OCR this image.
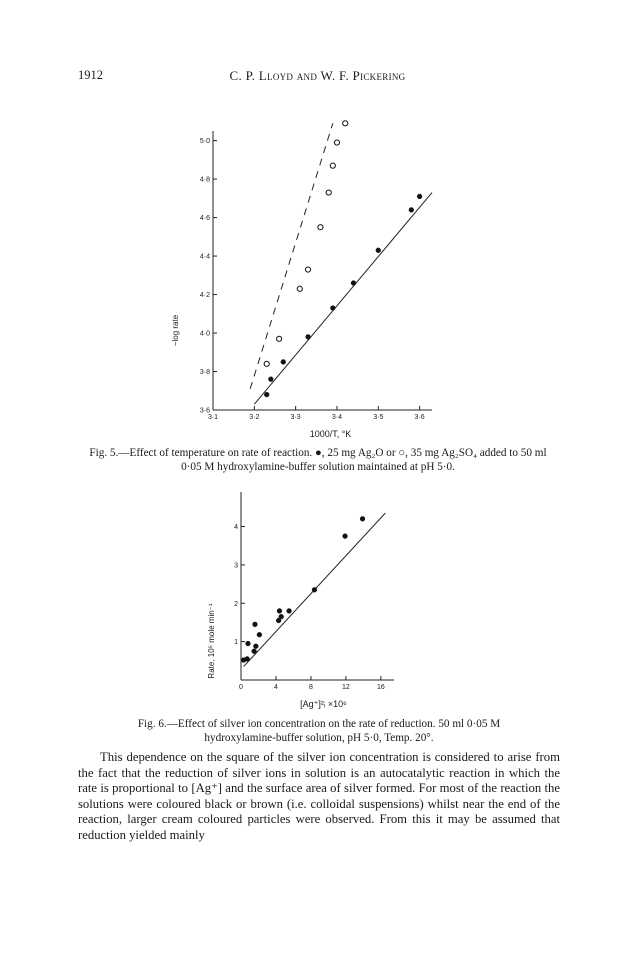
1912	C. P. Lloyd and W. F. Pickering
3·6
3·8
4·0
4·2
4·4
4·6
4·8
5·0
3·1	3·2	3·3	3·4	3·5	3·6
1000/T, °K
−log rate
1
2
3
4
0	4	8	12	16
[Ag⁺]²ᵢ ×10⁶
Rate, 10⁵ mole min⁻¹
Fig. 5.—Effect of temperature on rate of reaction. ●, 25 mg Ag₂O or ○, 35 mg Ag₂SO₄ added to 50 ml 0·05 M hydroxylamine-buffer solution maintained at pH 5·0.
Fig. 6.—Effect of silver ion concentration on the rate of reduction. 50 ml 0·05 M hydroxylamine-buffer solution, pH 5·0, Temp. 20°.

This dependence on the square of the silver ion concentration is considered to arise from the fact that the reduction of silver ions in solution is an autocatalytic reaction in which the rate is proportional to [Ag⁺] and the surface area of silver formed. For most of the reaction the solutions were coloured black or brown (i.e. colloidal suspensions) whilst near the end of the reaction, larger cream coloured particles were observed. From this it may be assumed that reduction yielded mainly
